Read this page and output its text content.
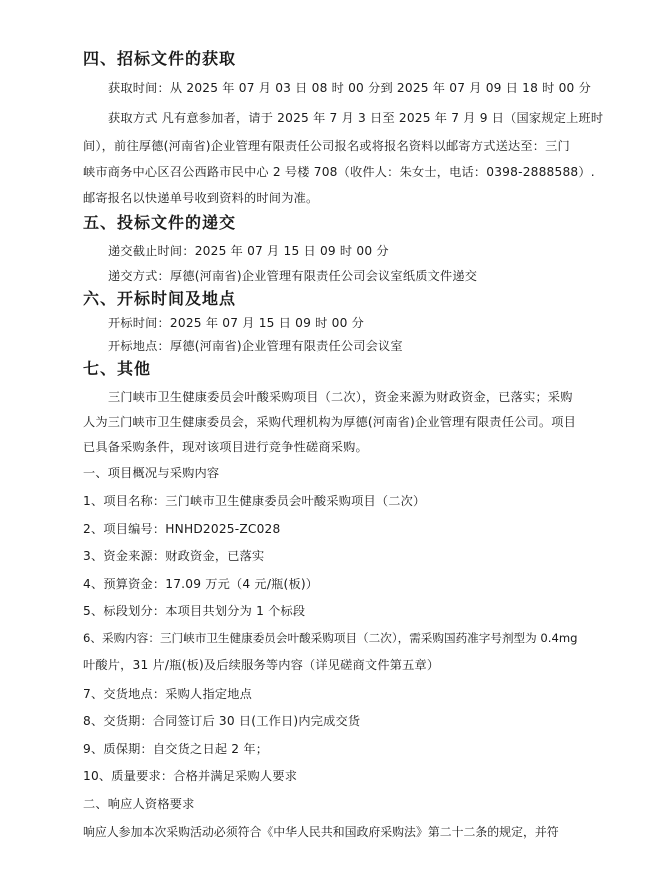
四、招标文件的获取
获取时间：从 2025 年 07 月 03 日 08 时 00 分到 2025 年 07 月 09 日 18 时 00 分
获取方式 凡有意参加者，请于 2025 年 7 月 3 日至 2025 年 7 月 9 日（国家规定上班时
间），前往厚德(河南省)企业管理有限责任公司报名或将报名资料以邮寄方式送达至：三门
峡市商务中心区召公西路市民中心 2 号楼 708（收件人：朱女士，电话：0398-2888588）.
邮寄报名以快递单号收到资料的时间为准。
五、投标文件的递交
递交截止时间：2025 年 07 月 15 日 09 时 00 分
递交方式：厚德(河南省)企业管理有限责任公司会议室纸质文件递交
六、开标时间及地点
开标时间：2025 年 07 月 15 日 09 时 00 分
开标地点：厚德(河南省)企业管理有限责任公司会议室
七、其他
三门峡市卫生健康委员会叶酸采购项目（二次），资金来源为财政资金，已落实；采购
人为三门峡市卫生健康委员会，采购代理机构为厚德(河南省)企业管理有限责任公司。项目
已具备采购条件，现对该项目进行竞争性磋商采购。
一、项目概况与采购内容
1、项目名称：三门峡市卫生健康委员会叶酸采购项目（二次）
2、项目编号：HNHD2025-ZC028
3、资金来源：财政资金，已落实
4、预算资金：17.09 万元（4 元/瓶(板)）
5、标段划分：本项目共划分为 1 个标段
6、采购内容：三门峡市卫生健康委员会叶酸采购项目（二次），需采购国药准字号剂型为 0.4mg
叶酸片，31 片/瓶(板)及后续服务等内容（详见磋商文件第五章）
7、交货地点：采购人指定地点
8、交货期：合同签订后 30 日(工作日)内完成交货
9、质保期：自交货之日起 2 年；
10、质量要求：合格并满足采购人要求
二、响应人资格要求
响应人参加本次采购活动必须符合《中华人民共和国政府采购法》第二十二条的规定，并符
